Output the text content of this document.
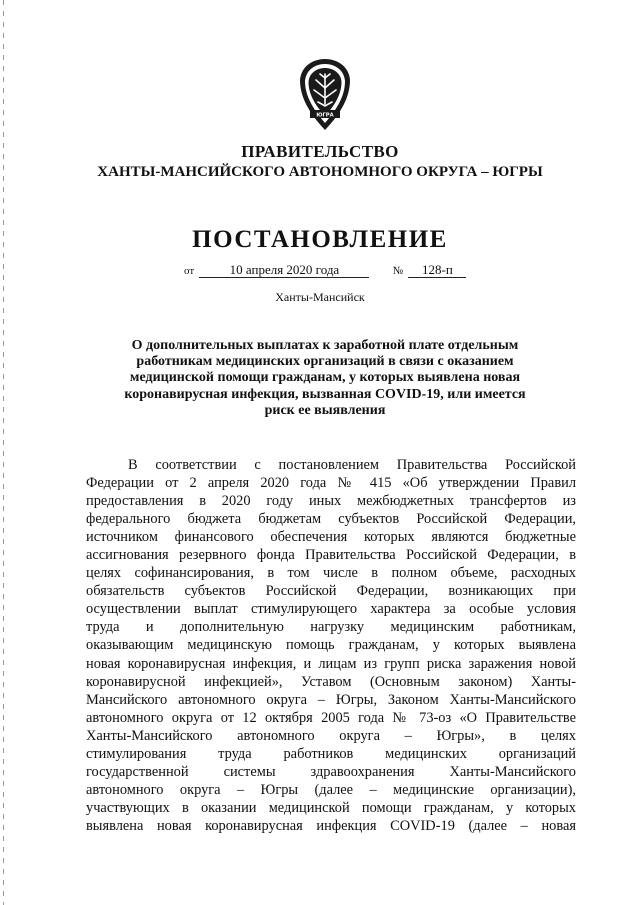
ЮГРА
ПРАВИТЕЛЬСТВО
ХАНТЫ-МАНСИЙСКОГО АВТОНОМНОГО ОКРУГА – ЮГРЫ
ПОСТАНОВЛЕНИЕ
от	10 апреля 2020 года	№ 128-п
Ханты-Мансийск
О дополнительных выплатах к заработной плате отдельным
работникам медицинских организаций в связи с оказанием
медицинской помощи гражданам, у которых выявлена новая
коронавирусная инфекция, вызванная COVID-19, или имеется
риск ее выявления
В соответствии с постановлением Правительства Российской
Федерации от 2 апреля 2020 года № 415 «Об утверждении Правил
предоставления в 2020 году иных межбюджетных трансфертов из
федерального бюджета бюджетам субъектов Российской Федерации,
источником финансового обеспечения которых являются бюджетные
ассигнования резервного фонда Правительства Российской Федерации, в
целях софинансирования, в том числе в полном объеме, расходных
обязательств субъектов Российской Федерации, возникающих при
осуществлении выплат стимулирующего характера за особые условия
труда и дополнительную нагрузку медицинским работникам,
оказывающим медицинскую помощь гражданам, у которых выявлена
новая коронавирусная инфекция, и лицам из групп риска заражения новой
коронавирусной инфекцией», Уставом (Основным законом) Ханты-
Мансийского автономного округа – Югры, Законом Ханты-Мансийского
автономного округа от 12 октября 2005 года № 73-оз «О Правительстве
Ханты-Мансийского автономного округа – Югры», в целях
стимулирования труда работников медицинских организаций
государственной системы здравоохранения Ханты-Мансийского
автономного округа – Югры (далее – медицинские организации),
участвующих в оказании медицинской помощи гражданам, у которых
выявлена новая коронавирусная инфекция COVID-19 (далее – новая
